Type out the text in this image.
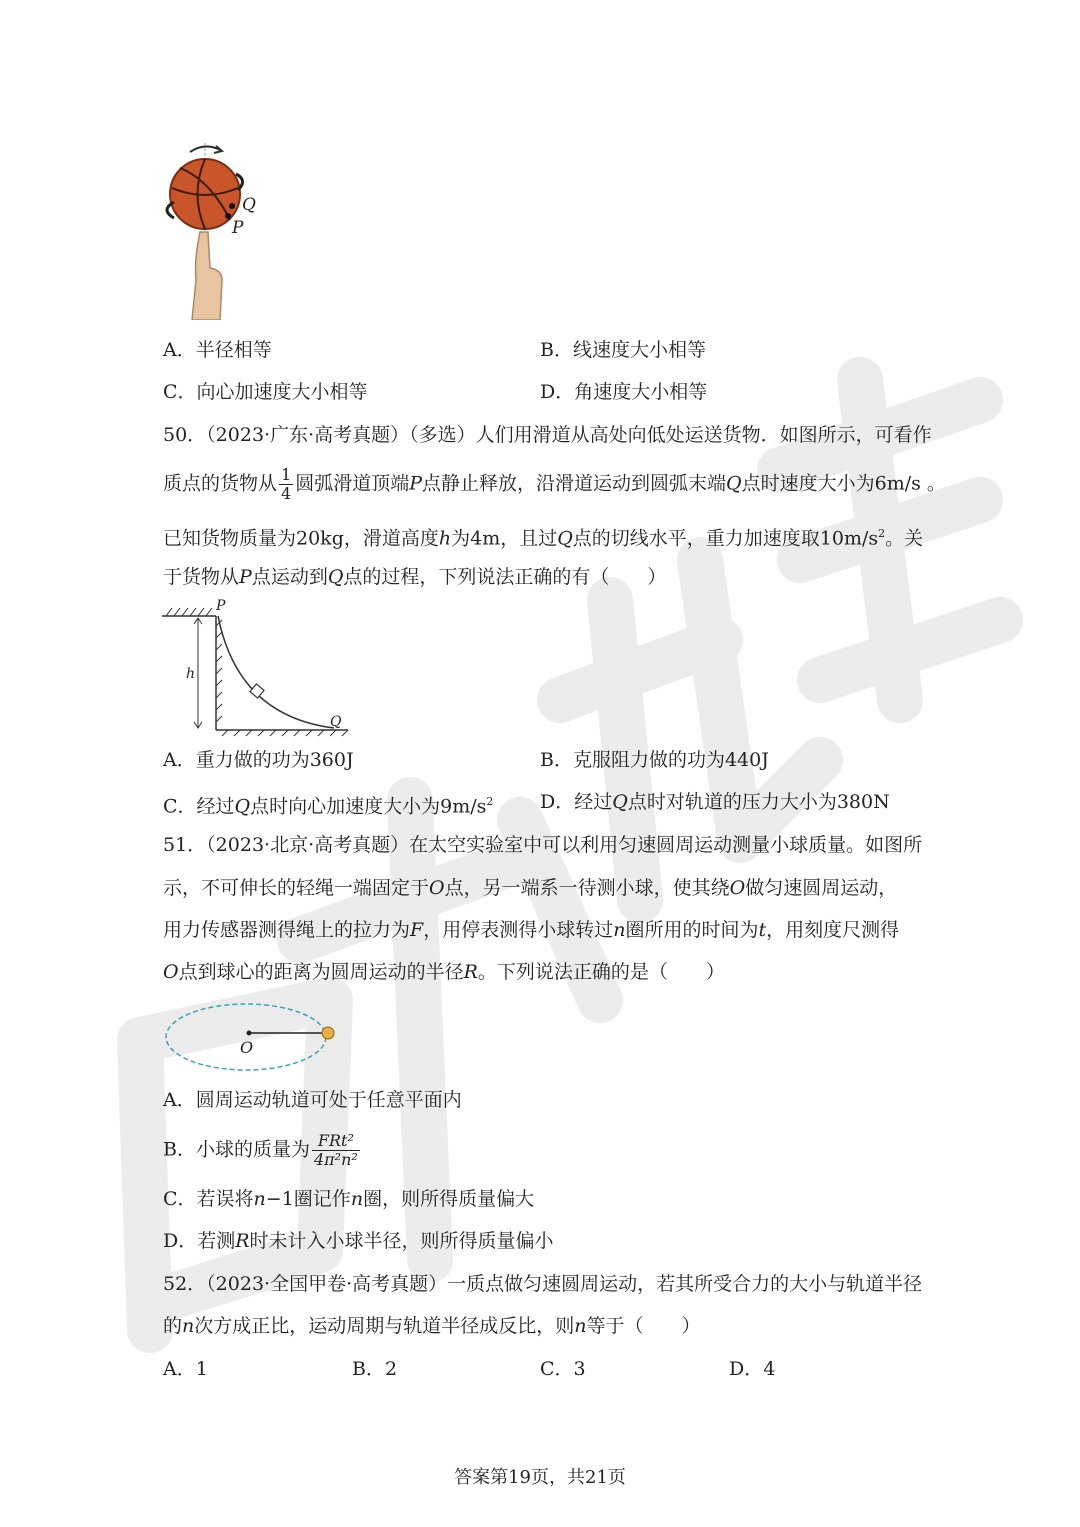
Q
P
A．半径相等	B．线速度大小相等
C．向心加速度大小相等	D．角速度大小相等
50．（2023·广东·高考真题）（多选）人们用滑道从高处向低处运送货物．如图所示，可看作
质点的货物从 $\frac{1}{4}$ 圆弧滑道顶端P点静止释放，沿滑道运动到圆弧末端Q点时速度大小为6m/s 。
已知货物质量为20kg，滑道高度h为4m，且过Q点的切线水平，重力加速度取$10m/s^2$。关
于货物从P点运动到Q点的过程，下列说法正确的有（　　）
P
h
Q
A．重力做的功为360J	B．克服阻力做的功为440J
C．经过Q点时向心加速度大小为$9m/s^2$ D．经过Q点时对轨道的压力大小为380N
51．（2023·北京·高考真题）在太空实验室中可以利用匀速圆周运动测量小球质量。如图所
示，不可伸长的轻绳一端固定于O点，另一端系一待测小球，使其绕O做匀速圆周运动，
用力传感器测得绳上的拉力为F，用停表测得小球转过n圈所用的时间为t，用刻度尺测得
O点到球心的距离为圆周运动的半径R。下列说法正确的是（　　）
O
A．圆周运动轨道可处于任意平面内
B．小球的质量为 $\frac{\text{FRt²}}{\text{4π²n²}}$
C．若误将n−1圈记作n圈，则所得质量偏大
D．若测R时未计入小球半径，则所得质量偏小
52．（2023·全国甲卷·高考真题）一质点做匀速圆周运动，若其所受合力的大小与轨道半径
的n次方成正比，运动周期与轨道半径成反比，则n等于（　　）
A．1	B．2	C．3	D．4
答案第19页，共21页
